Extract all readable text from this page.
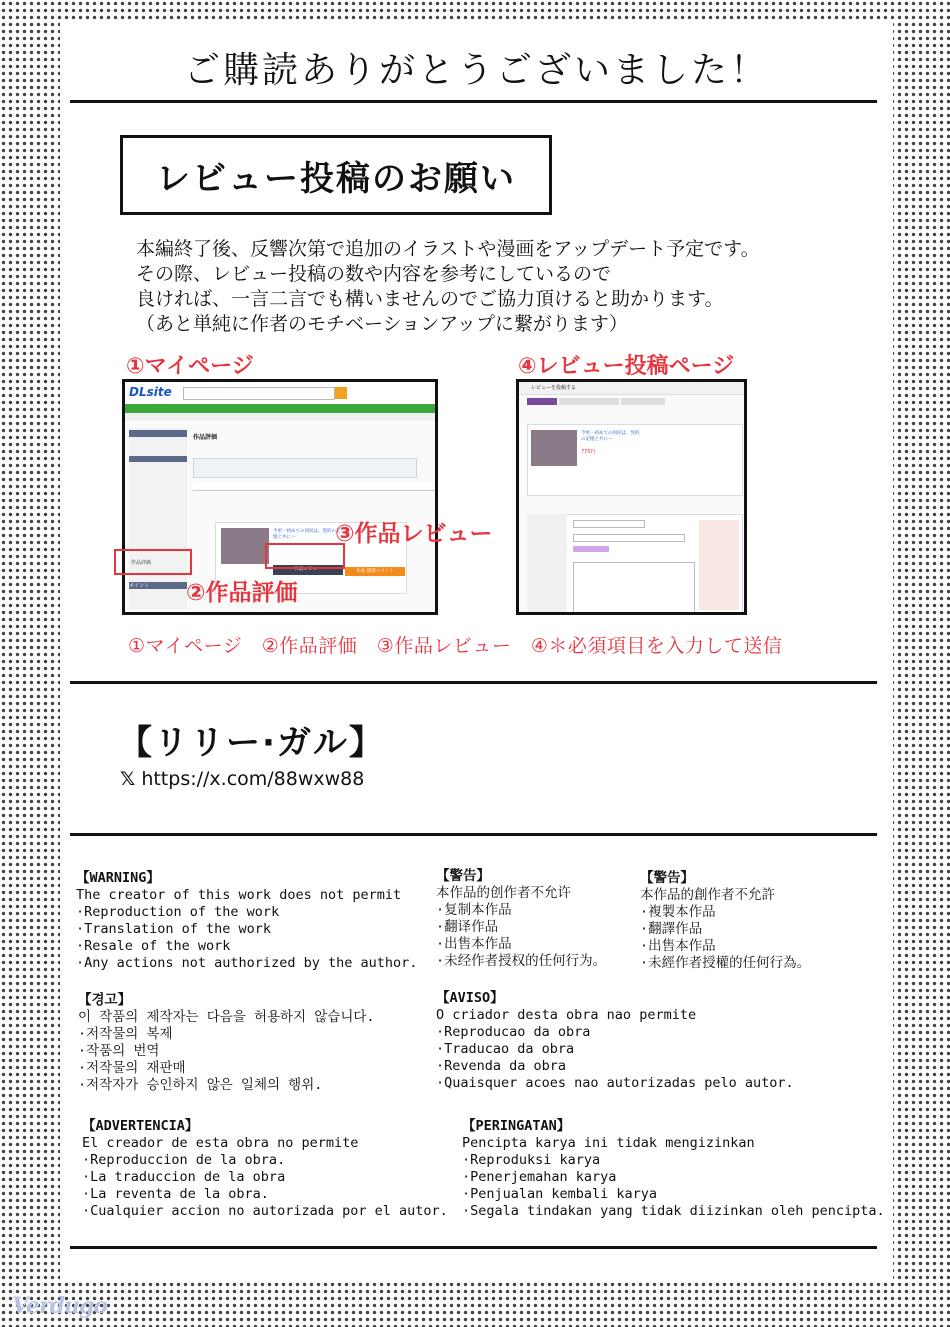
ご購読ありがとうございました！
レビュー投稿のお願い
本編終了後、反響次第で追加のイラストや漫画をアップデート予定です。
その際、レビュー投稿の数や内容を参考にしているので
良ければ、一言二言でも構いませんのでご協力頂けると助かります。
（あと単純に作者のモチベーションアップに繋がります）
①マイページ	④レビュー投稿ページ
DLsite
作品評価
ポイント
作品評価
今更一初めての同居は、契約の記憶と共に～
作品レビュー	作品 感想コメント
②作品評価
③作品レビュー
レビューを投稿する
今更一初めての同居は、契約の記憶と共に～
770円
①マイページ　②作品評価　③作品レビュー　④＊必須項目を入力して送信
【リリー·ガル】
𝕏 https://x.com/88wxw88
【WARNING】
The creator of this work does not permit
·Reproduction of the work
·Translation of the work
·Resale of the work
·Any actions not authorized by the author.
【警告】
本作品的创作者不允许
·复制本作品
·翻译作品
·出售本作品
·未经作者授权的任何行为。
【警告】
本作品的創作者不允許
·複製本作品
·翻譯作品
·出售本作品
·未經作者授權的任何行為。
【경고】
이 작품의 제작자는 다음을 허용하지 않습니다.
·저작물의 복제
·작품의 번역
·저작물의 재판매
·저작자가 승인하지 않은 일체의 행위.
【AVISO】
O criador desta obra nao permite
·Reproducao da obra
·Traducao da obra
·Revenda da obra
·Quaisquer acoes nao autorizadas pelo autor.
【ADVERTENCIA】
El creador de esta obra no permite
·Reproduccion de la obra.
·La traduccion de la obra
·La reventa de la obra.
·Cualquier accion no autorizada por el autor.
【PERINGATAN】
Pencipta karya ini tidak mengizinkan
·Reproduksi karya
·Penerjemahan karya
·Penjualan kembali karya
·Segala tindakan yang tidak diizinkan oleh pencipta.
Verdugo
